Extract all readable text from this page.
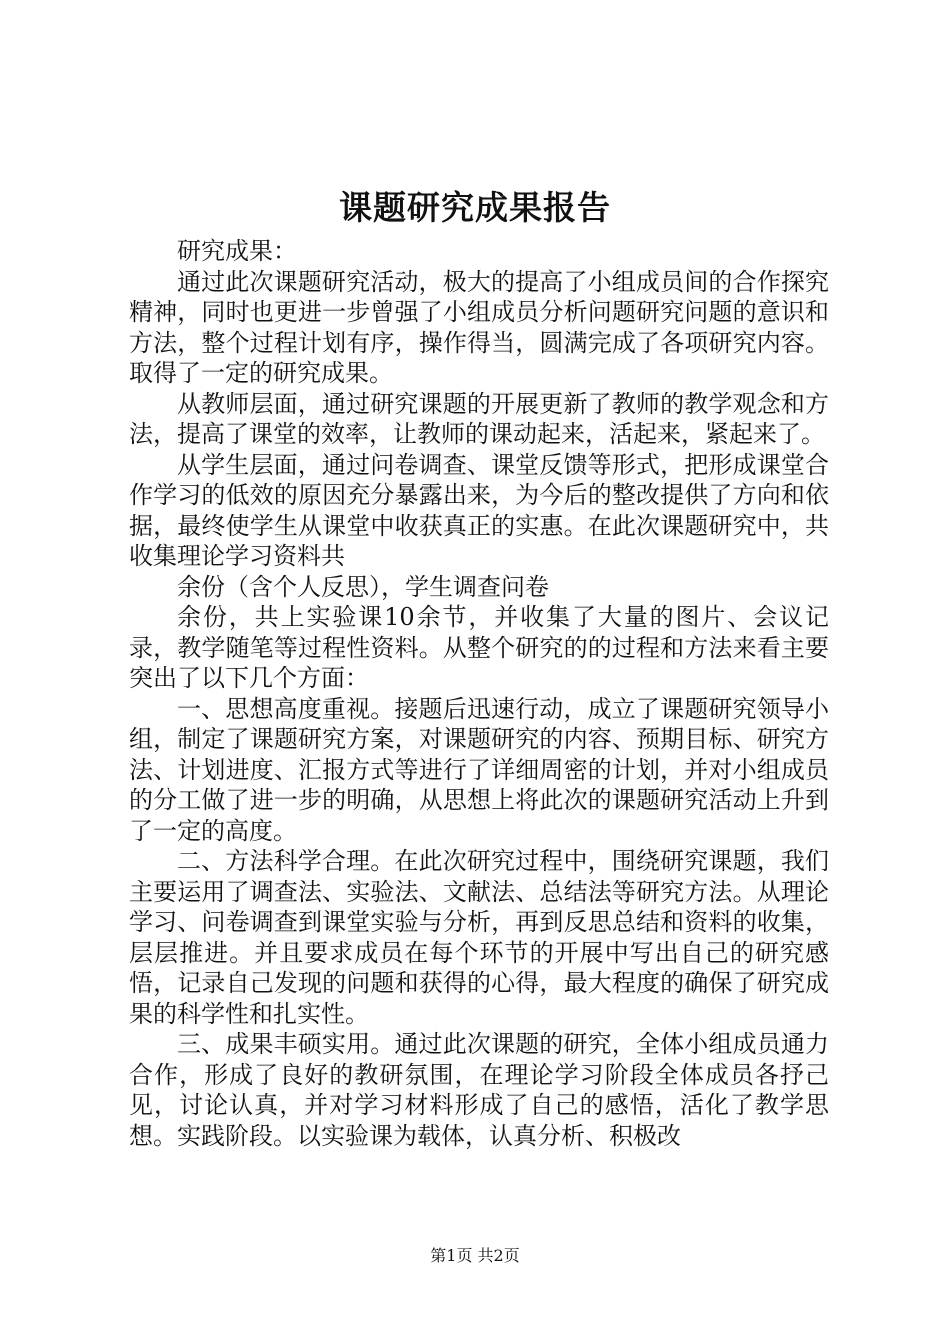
课题研究成果报告

研究成果：

通过此次课题研究活动，极大的提高了小组成员间的合作探究精神，同时也更进一步曾强了小组成员分析问题研究问题的意识和方法，整个过程计划有序，操作得当，圆满完成了各项研究内容。取得了一定的研究成果。

从教师层面，通过研究课题的开展更新了教师的教学观念和方法，提高了课堂的效率，让教师的课动起来，活起来，紧起来了。

从学生层面，通过问卷调查、课堂反馈等形式，把形成课堂合作学习的低效的原因充分暴露出来，为今后的整改提供了方向和依据，最终使学生从课堂中收获真正的实惠。在此次课题研究中，共收集理论学习资料共

余份（含个人反思），学生调查问卷

余份，共上实验课10余节，并收集了大量的图片、会议记录，教学随笔等过程性资料。从整个研究的的过程和方法来看主要突出了以下几个方面：

一、思想高度重视。接题后迅速行动，成立了课题研究领导小组，制定了课题研究方案，对课题研究的内容、预期目标、研究方法、计划进度、汇报方式等进行了详细周密的计划，并对小组成员的分工做了进一步的明确，从思想上将此次的课题研究活动上升到了一定的高度。

二、方法科学合理。在此次研究过程中，围绕研究课题，我们主要运用了调查法、实验法、文献法、总结法等研究方法。从理论学习、问卷调查到课堂实验与分析，再到反思总结和资料的收集，层层推进。并且要求成员在每个环节的开展中写出自己的研究感悟，记录自己发现的问题和获得的心得，最大程度的确保了研究成果的科学性和扎实性。

三、成果丰硕实用。通过此次课题的研究，全体小组成员通力合作，形成了良好的教研氛围，在理论学习阶段全体成员各抒己见，讨论认真，并对学习材料形成了自己的感悟，活化了教学思想。实践阶段。以实验课为载体，认真分析、积极改

第1页 共2页
